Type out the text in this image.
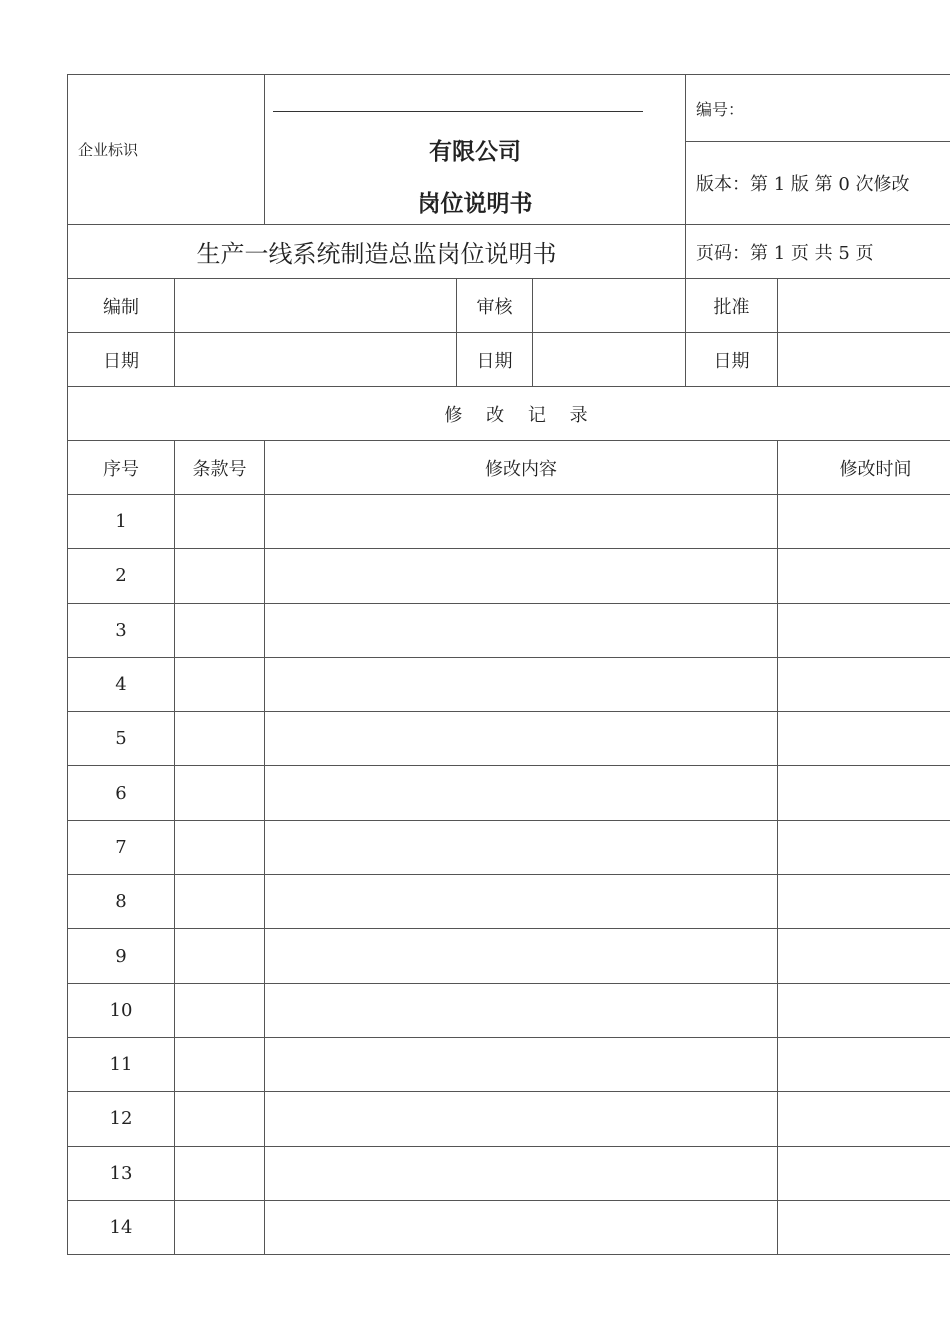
企业标识		有限公司
岗位说明书			编号：	
					版本：第 1 版 第 0 次修改	
生产一线系统制造总监岗位说明书					页码：第 1 页 共 5 页	
编制			审核		批准	
日期			日期		日期	
修 改 记 录						
序号	条款号	修改内容				修改时间
1						
2						
3						
4						
5						
6						
7						
8						
9						
10						
11						
12						
13						
14						
